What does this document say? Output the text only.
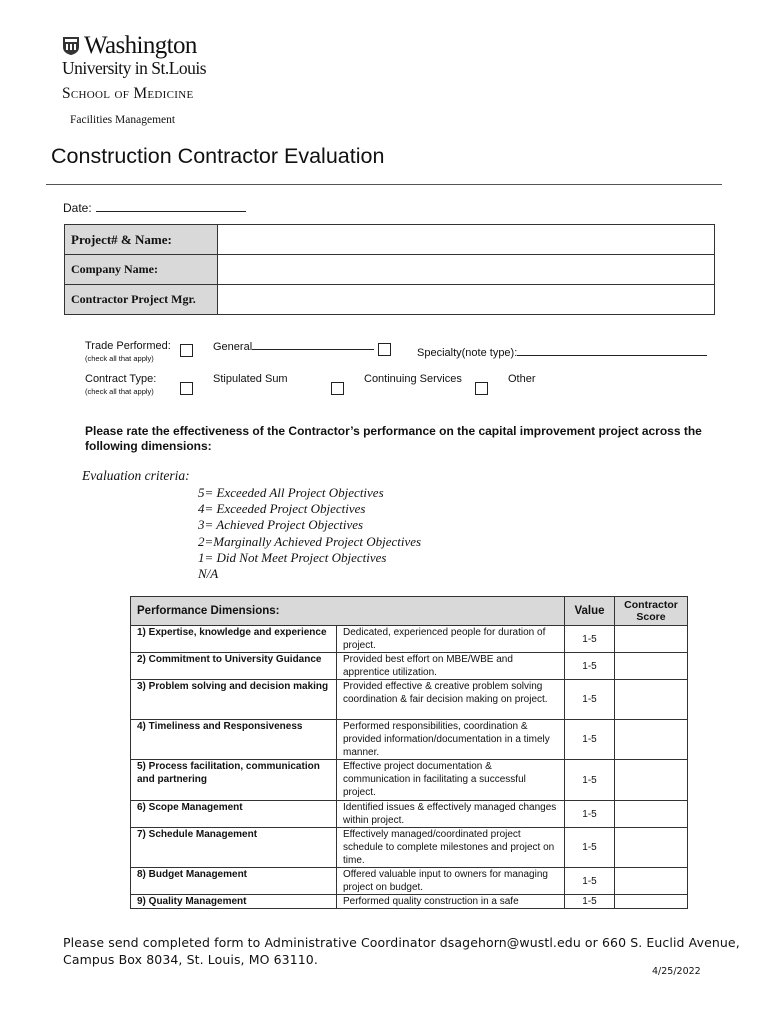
Washington
University in St.Louis
School of Medicine
Facilities Management
Construction Contractor Evaluation
Date:
Project# & Name:	
Company Name:	
Contractor Project Mgr.	
Trade Performed:
(check all that apply)
General	Specialty(note type):
Contract Type:
(check all that apply)
Stipulated Sum	Continuing Services	Other
Please rate the effectiveness of the Contractor’s performance on the capital improvement project across the following dimensions:
Evaluation criteria:
5= Exceeded All Project Objectives
4= Exceeded Project Objectives
3= Achieved Project Objectives
2=Marginally Achieved Project Objectives
1= Did Not Meet Project Objectives
N/A
Performance Dimensions:		Value	Contractor Score
1) Expertise, knowledge and experience	Dedicated, experienced people for duration of project.	1-5	
2) Commitment to University Guidance	Provided best effort on MBE/WBE and apprentice utilization.	1-5	
3) Problem solving and decision making	Provided effective & creative problem solving coordination & fair decision making on project.	1-5	
4) Timeliness and Responsiveness	Performed responsibilities, coordination & provided information/documentation in a timely manner.	1-5	
5) Process facilitation, communication and partnering	Effective project documentation & communication in facilitating a successful project.	1-5	
6) Scope Management	Identified issues & effectively managed changes within project.	1-5	
7) Schedule Management	Effectively managed/coordinated project schedule to complete milestones and project on time.	1-5	
8) Budget Management	Offered valuable input to owners for managing project on budget.	1-5	
9) Quality Management	Performed quality construction in a safe	1-5	
Please send completed form to Administrative Coordinator dsagehorn@wustl.edu or 660 S. Euclid Avenue, Campus Box 8034, St. Louis, MO 63110.
4/25/2022
